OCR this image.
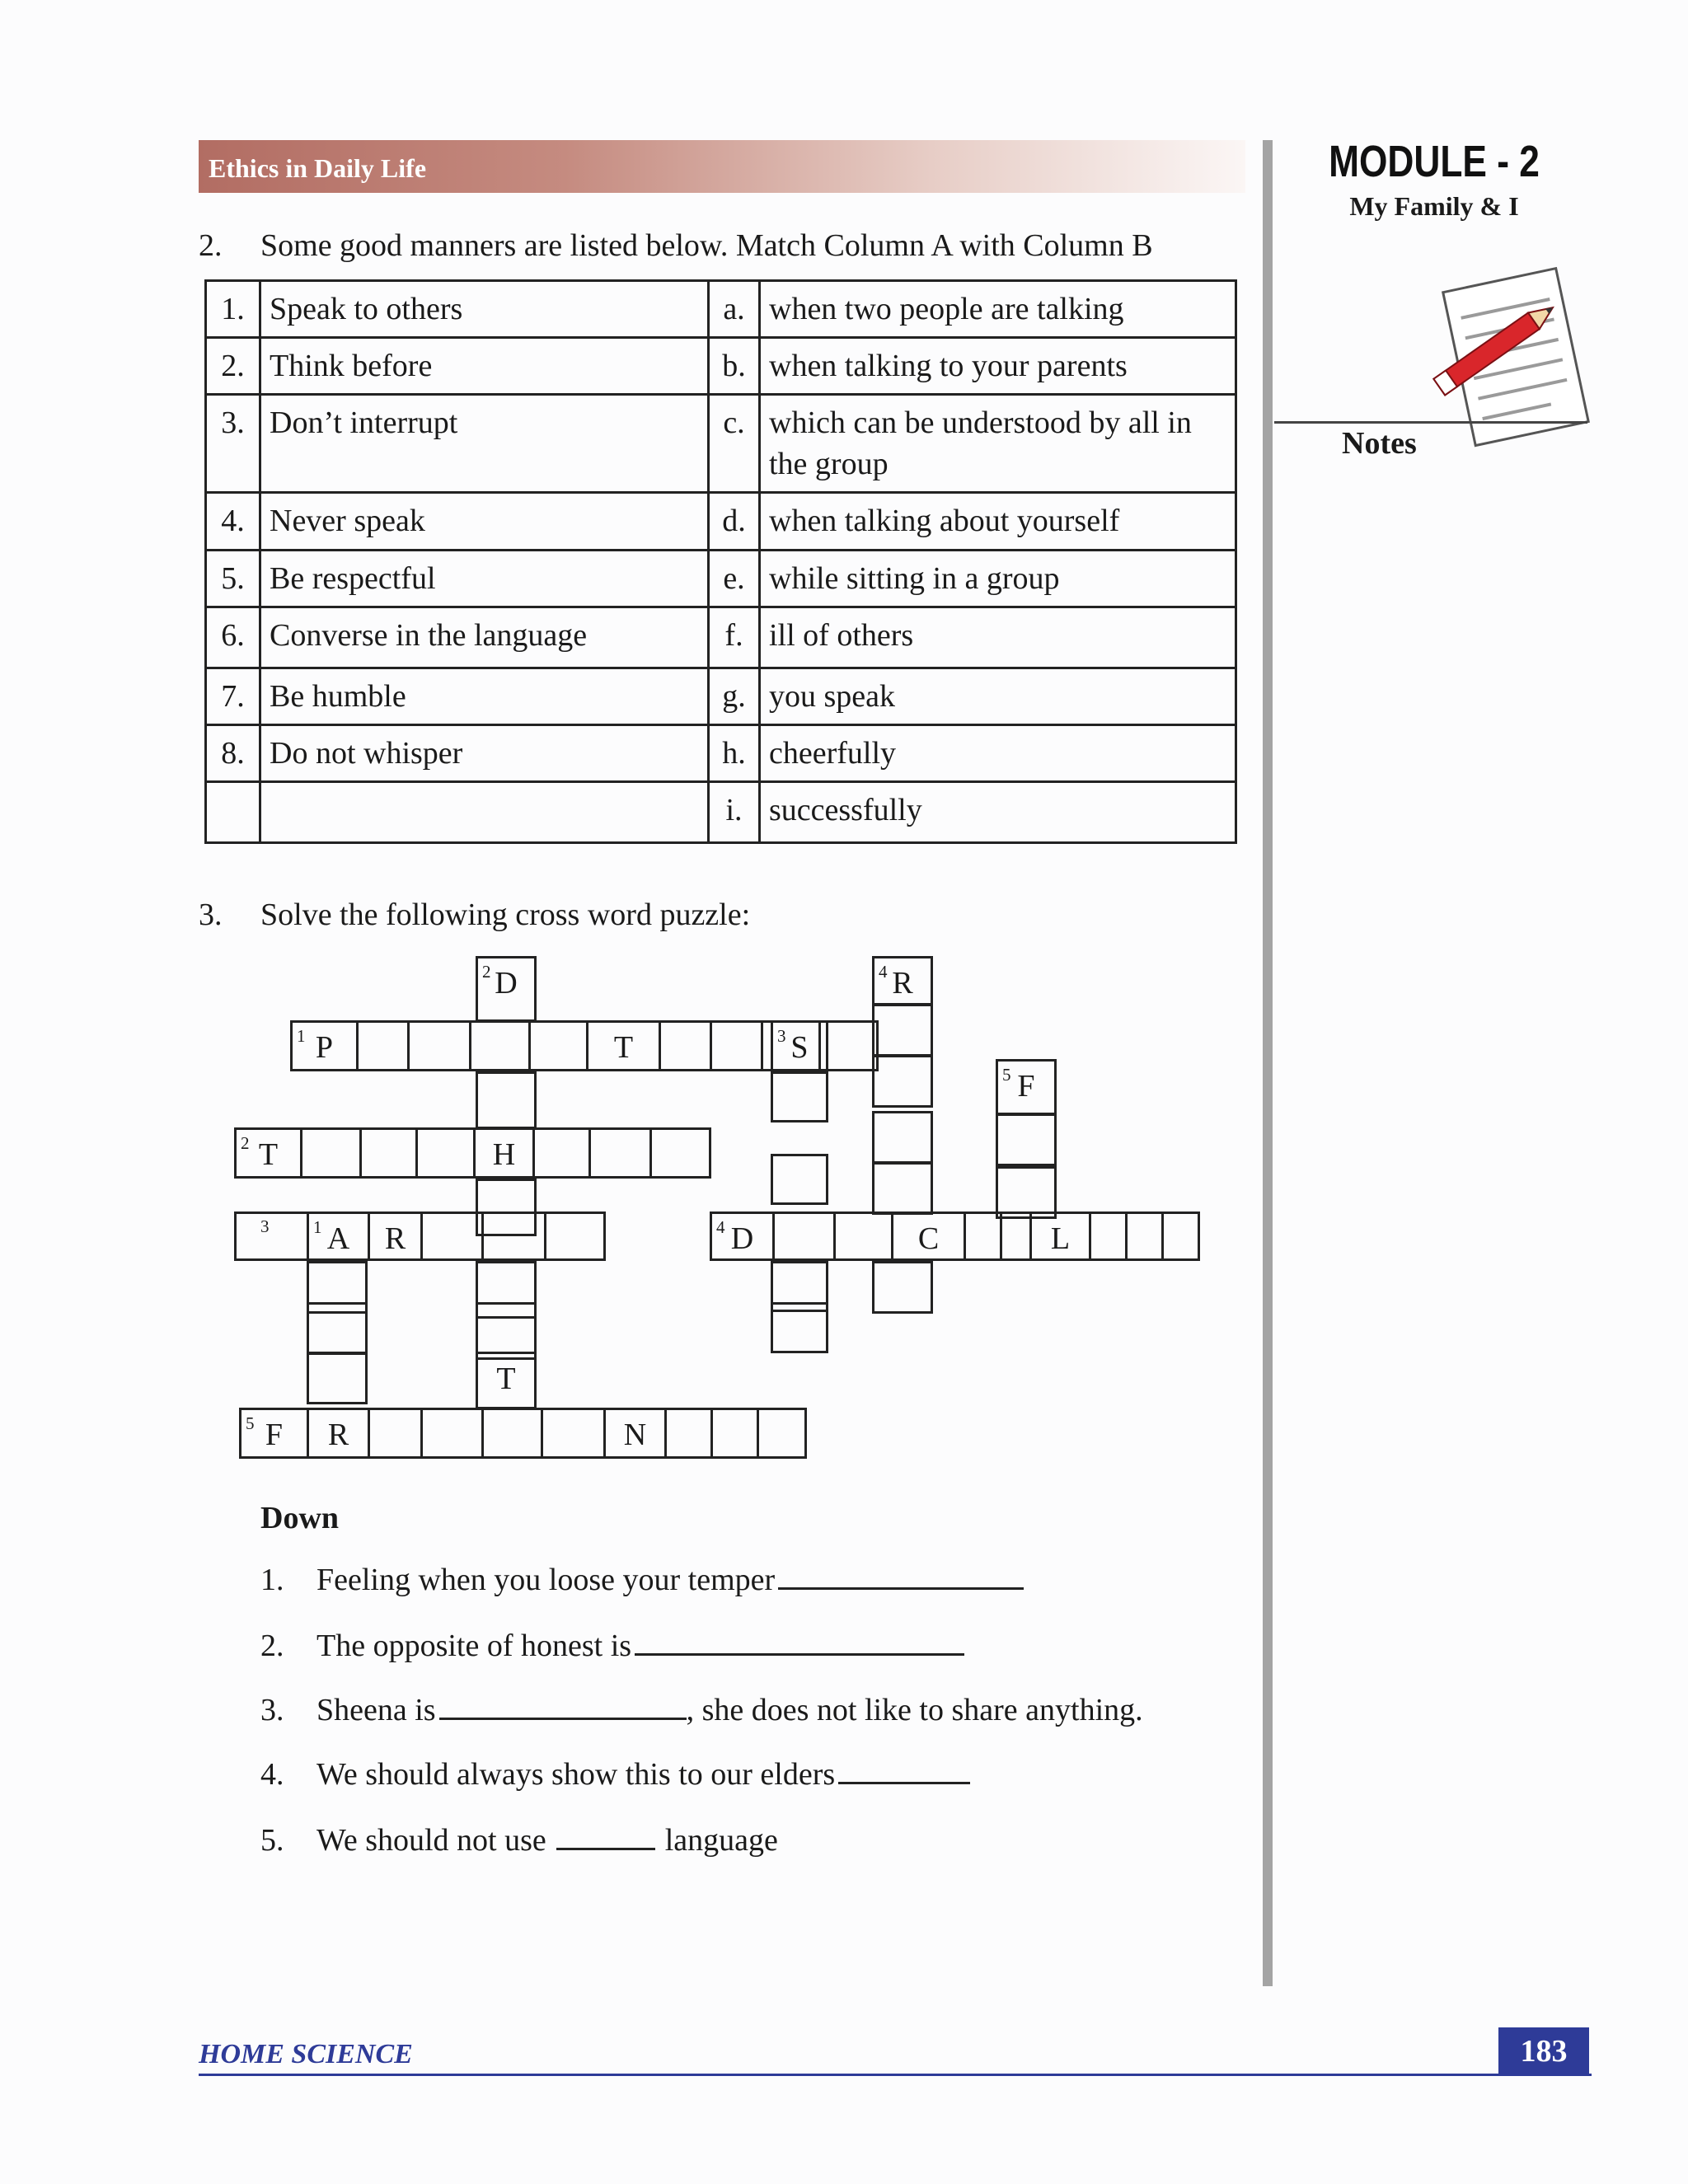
Ethics in Daily Life	MODULE - 2
My Family & I
Notes
2. Some good manners are listed below. Match Column A with Column B
1.	Speak to others	a.	when two people are talking
2.	Think before	b.	when talking to your parents
3.	Don’t interrupt	c.	which can be understood by all in the group
4.	Never speak	d.	when talking about yourself
5.	Be respectful	e.	while sitting in a group
6.	Converse in the language	f.	ill of others
7.	Be humble	g.	you speak
8.	Do not whisper	h.	cheerfully
		i.	successfully
3. Solve the following cross word puzzle:
1 P	T
2 T	H
1 A	R	4 D	C	L
5 F	R	N
2 D
T
3 S
4 R
5 F
3
Down
1. Feeling when you loose your temper
2. The opposite of honest is
3. Sheena is	, she does not like to share anything.
4. We should always show this to our elders
5. We should not use	language
HOME SCIENCE	183
